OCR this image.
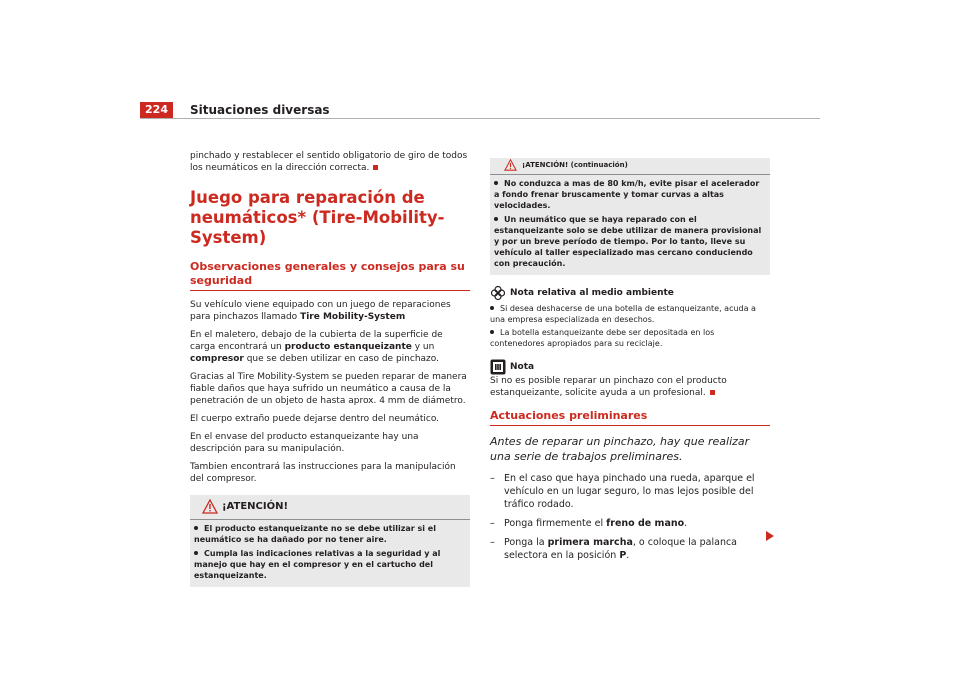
224	Situaciones diversas

pinchado y restablecer el sentido obligatorio de giro de todos los neumáticos en la dirección correcta.

Juego para reparación de neumáticos* (Tire-Mobility-System)
Observaciones generales y consejos para su seguridad

Su vehículo viene equipado con un juego de reparaciones para pinchazos llamado Tire Mobility-System

En el maletero, debajo de la cubierta de la superficie de carga encontrará un producto estanqueizante y un compresor que se deben utilizar en caso de pinchazo.

Gracias al Tire Mobility-System se pueden reparar de manera fiable daños que haya sufrido un neumático a causa de la penetración de un objeto de hasta aprox. 4 mm de diámetro.

El cuerpo extraño puede dejarse dentro del neumático.

En el envase del producto estanqueizante hay una descripción para su manipulación.

Tambien encontrará las instrucciones para la manipulación del compresor.

¡ATENCIÓN!
El producto estanqueizante no se debe utilizar si el neumático se ha dañado por no tener aire.
Cumpla las indicaciones relativas a la seguridad y al manejo que hay en el compresor y en el cartucho del estanqueizante.
¡ATENCIÓN! (continuación)
No conduzca a mas de 80 km/h, evite pisar el acelerador a fondo frenar bruscamente y tomar curvas a altas velocidades.
Un neumático que se haya reparado con el estanqueizante solo se debe utilizar de manera provisional y por un breve período de tiempo. Por lo tanto, lleve su vehículo al taller especializado mas cercano conduciendo con precaución.
Nota relativa al medio ambiente
Si desea deshacerse de una botella de estanqueizante, acuda a una empresa especializada en desechos.
La botella estanqueizante debe ser depositada en los contenedores apropiados para su reciclaje.
Nota

Si no es posible reparar un pinchazo con el producto estanqueizante, solicite ayuda a un profesional.

Actuaciones preliminares
Antes de reparar un pinchazo, hay que realizar una serie de trabajos preliminares.
– En el caso que haya pinchado una rueda, aparque el vehículo en un lugar seguro, lo mas lejos posible del tráfico rodado.
– Ponga firmemente el freno de mano.
– Ponga la primera marcha, o coloque la palanca selectora en la posición P.
